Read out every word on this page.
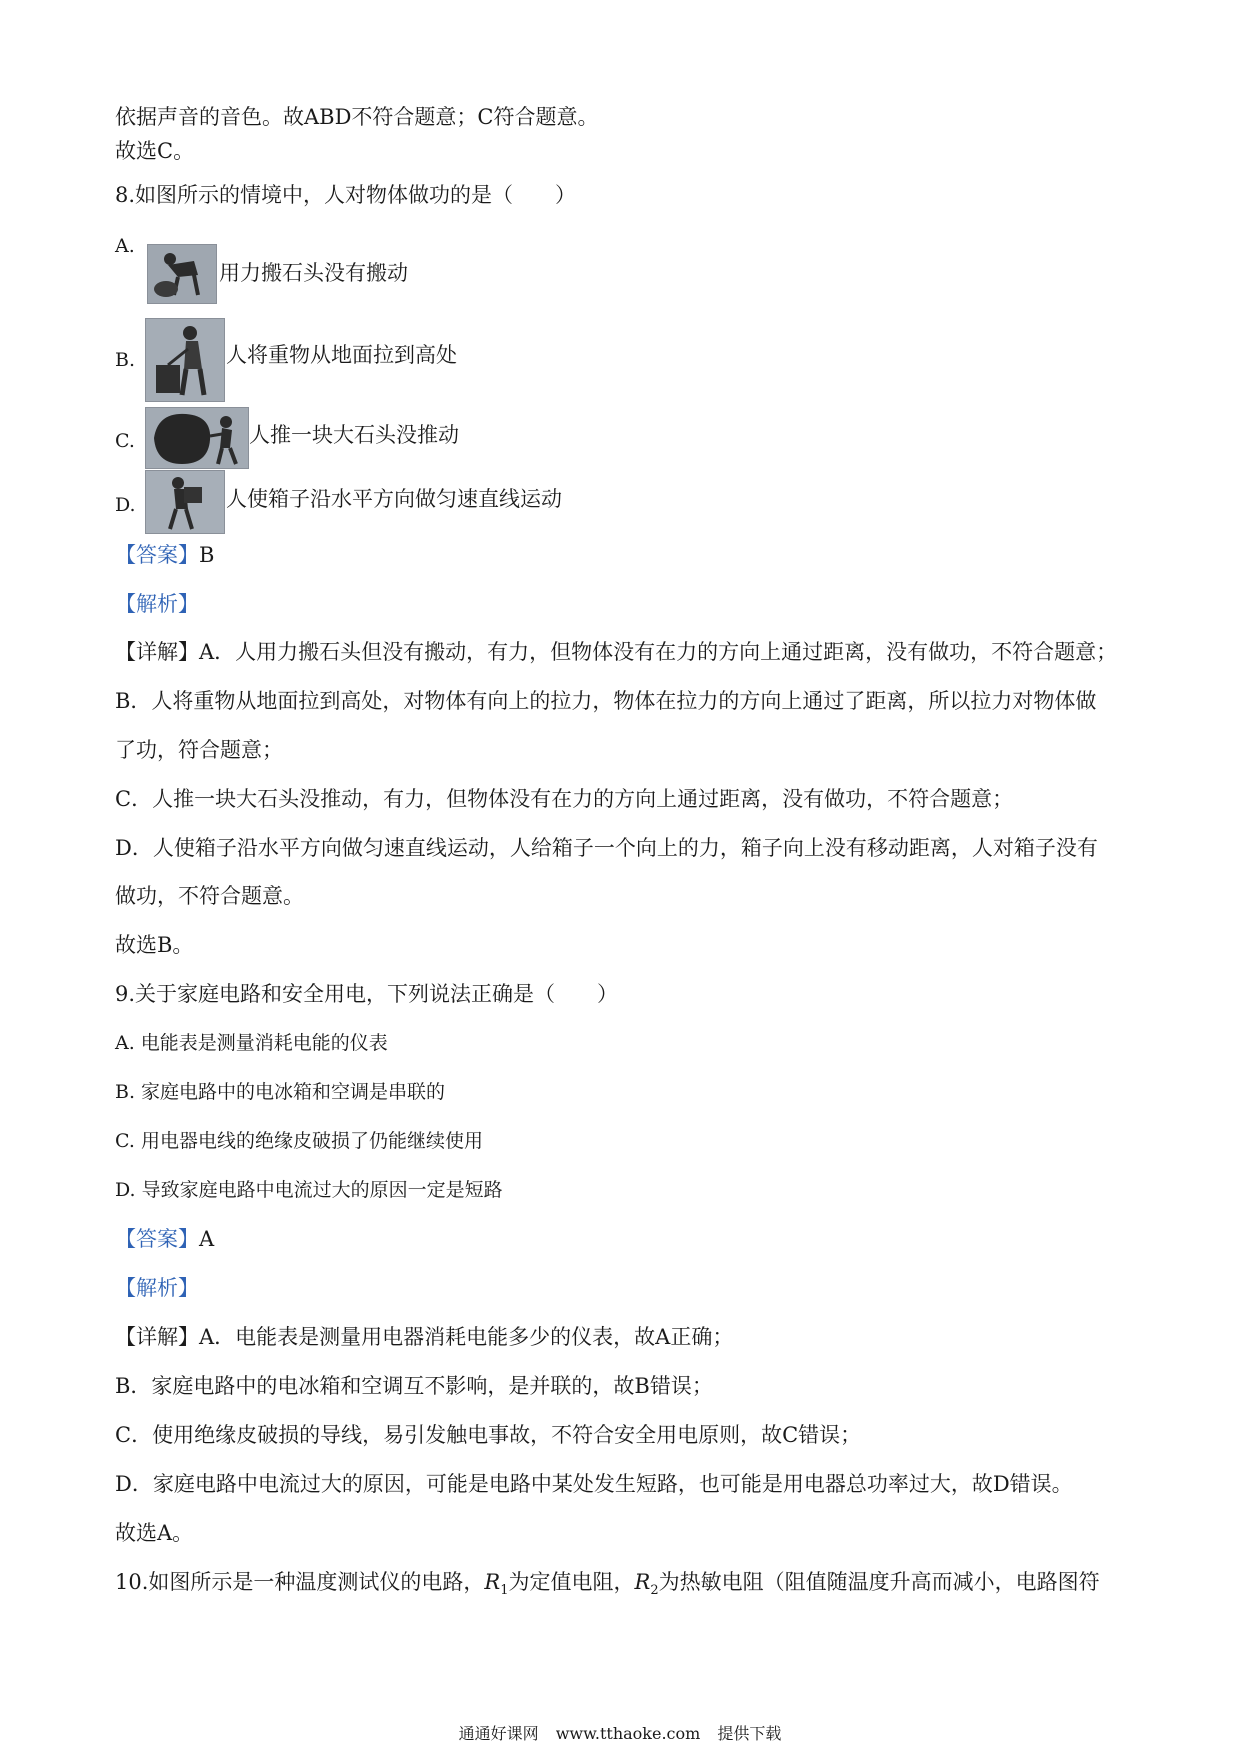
依据声音的音色。故ABD不符合题意；C符合题意。

故选C。

8.如图所示的情境中，人对物体做功的是（　　）

A.

用力搬石头没有搬动

B.	人将重物从地面拉到高处

C.	人推一块大石头没推动

D.	人使箱子沿水平方向做匀速直线运动

【答案】B

【解析】

【详解】A．人用力搬石头但没有搬动，有力，但物体没有在力的方向上通过距离，没有做功，不符合题意；

B．人将重物从地面拉到高处，对物体有向上的拉力，物体在拉力的方向上通过了距离，所以拉力对物体做

了功，符合题意；

C．人推一块大石头没推动，有力，但物体没有在力的方向上通过距离，没有做功，不符合题意；

D．人使箱子沿水平方向做匀速直线运动，人给箱子一个向上的力，箱子向上没有移动距离，人对箱子没有

做功，不符合题意。

故选B。

9.关于家庭电路和安全用电，下列说法正确是（　　）

A. 电能表是测量消耗电能的仪表

B. 家庭电路中的电冰箱和空调是串联的

C. 用电器电线的绝缘皮破损了仍能继续使用

D. 导致家庭电路中电流过大的原因一定是短路

【答案】A

【解析】

【详解】A．电能表是测量用电器消耗电能多少的仪表，故A正确；

B．家庭电路中的电冰箱和空调互不影响，是并联的，故B错误；

C．使用绝缘皮破损的导线，易引发触电事故，不符合安全用电原则，故C错误；

D．家庭电路中电流过大的原因，可能是电路中某处发生短路，也可能是用电器总功率过大，故D错误。

故选A。

10.如图所示是一种温度测试仪的电路，$R_1$为定值电阻，$R_2$为热敏电阻（阻值随温度升高而减小，电路图符

通通好课网 www.tthaoke.com 提供下载
